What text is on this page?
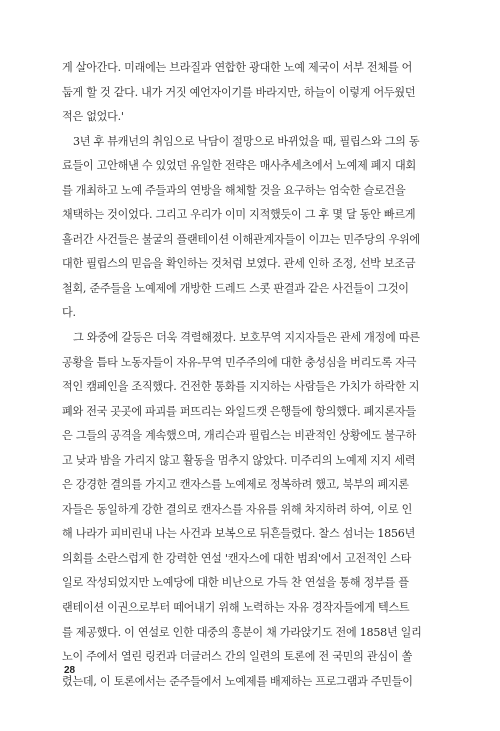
게 살아간다. 미래에는 브라질과 연합한 광대한 노예 제국이 서부 전체를 어
둡게 할 것 같다. 내가 거짓 예언자이기를 바라지만, 하늘이 이렇게 어두웠던
적은 없었다.'
3년 후 뷰캐넌의 취임으로 낙담이 절망으로 바뀌었을 때, 필립스와 그의 동
료들이 고안해낸 수 있었던 유일한 전략은 매사추세츠에서 노예제 폐지 대회
를 개최하고 노예 주들과의 연방을 해체할 것을 요구하는 엄숙한 슬로건을
채택하는 것이었다. 그리고 우리가 이미 지적했듯이 그 후 몇 달 동안 빠르게
흘러간 사건들은 불굴의 플랜테이션 이해관계자들이 이끄는 민주당의 우위에
대한 필립스의 믿음을 확인하는 것처럼 보였다. 관세 인하 조정, 선박 보조금
철회, 준주들을 노예제에 개방한 드레드 스콧 판결과 같은 사건들이 그것이
다.
그 와중에 갈등은 더욱 격렬해졌다. 보호무역 지지자들은 관세 개정에 따른
공황을 틈타 노동자들이 자유-무역 민주주의에 대한 충성심을 버리도록 자극
적인 캠페인을 조직했다. 건전한 통화를 지지하는 사람들은 가치가 하락한 지
폐와 전국 곳곳에 파괴를 퍼뜨리는 와일드캣 은행들에 항의했다. 폐지론자들
은 그들의 공격을 계속했으며, 개리슨과 필립스는 비관적인 상황에도 불구하
고 낮과 밤을 가리지 않고 활동을 멈추지 않았다. 미주리의 노예제 지지 세력
은 강경한 결의를 가지고 캔자스를 노예제로 정복하려 했고, 북부의 폐지론
자들은 동일하게 강한 결의로 캔자스를 자유를 위해 차지하려 하여, 이로 인
해 나라가 피비린내 나는 사건과 보복으로 뒤흔들렸다. 찰스 섬너는 1856년
의회를 소란스럽게 한 강력한 연설 '캔자스에 대한 범죄'에서 고전적인 스타
일로 작성되었지만 노예당에 대한 비난으로 가득 찬 연설을 통해 정부를 플
랜테이션 이권으로부터 떼어내기 위해 노력하는 자유 경작자들에게 텍스트
를 제공했다. 이 연설로 인한 대중의 흥분이 채 가라앉기도 전에 1858년 일리
노이 주에서 열린 링컨과 더글러스 간의 일련의 토론에 전 국민의 관심이 쏠
렸는데, 이 토론에서는 준주들에서 노예제를 배제하는 프로그램과 주민들이
28
